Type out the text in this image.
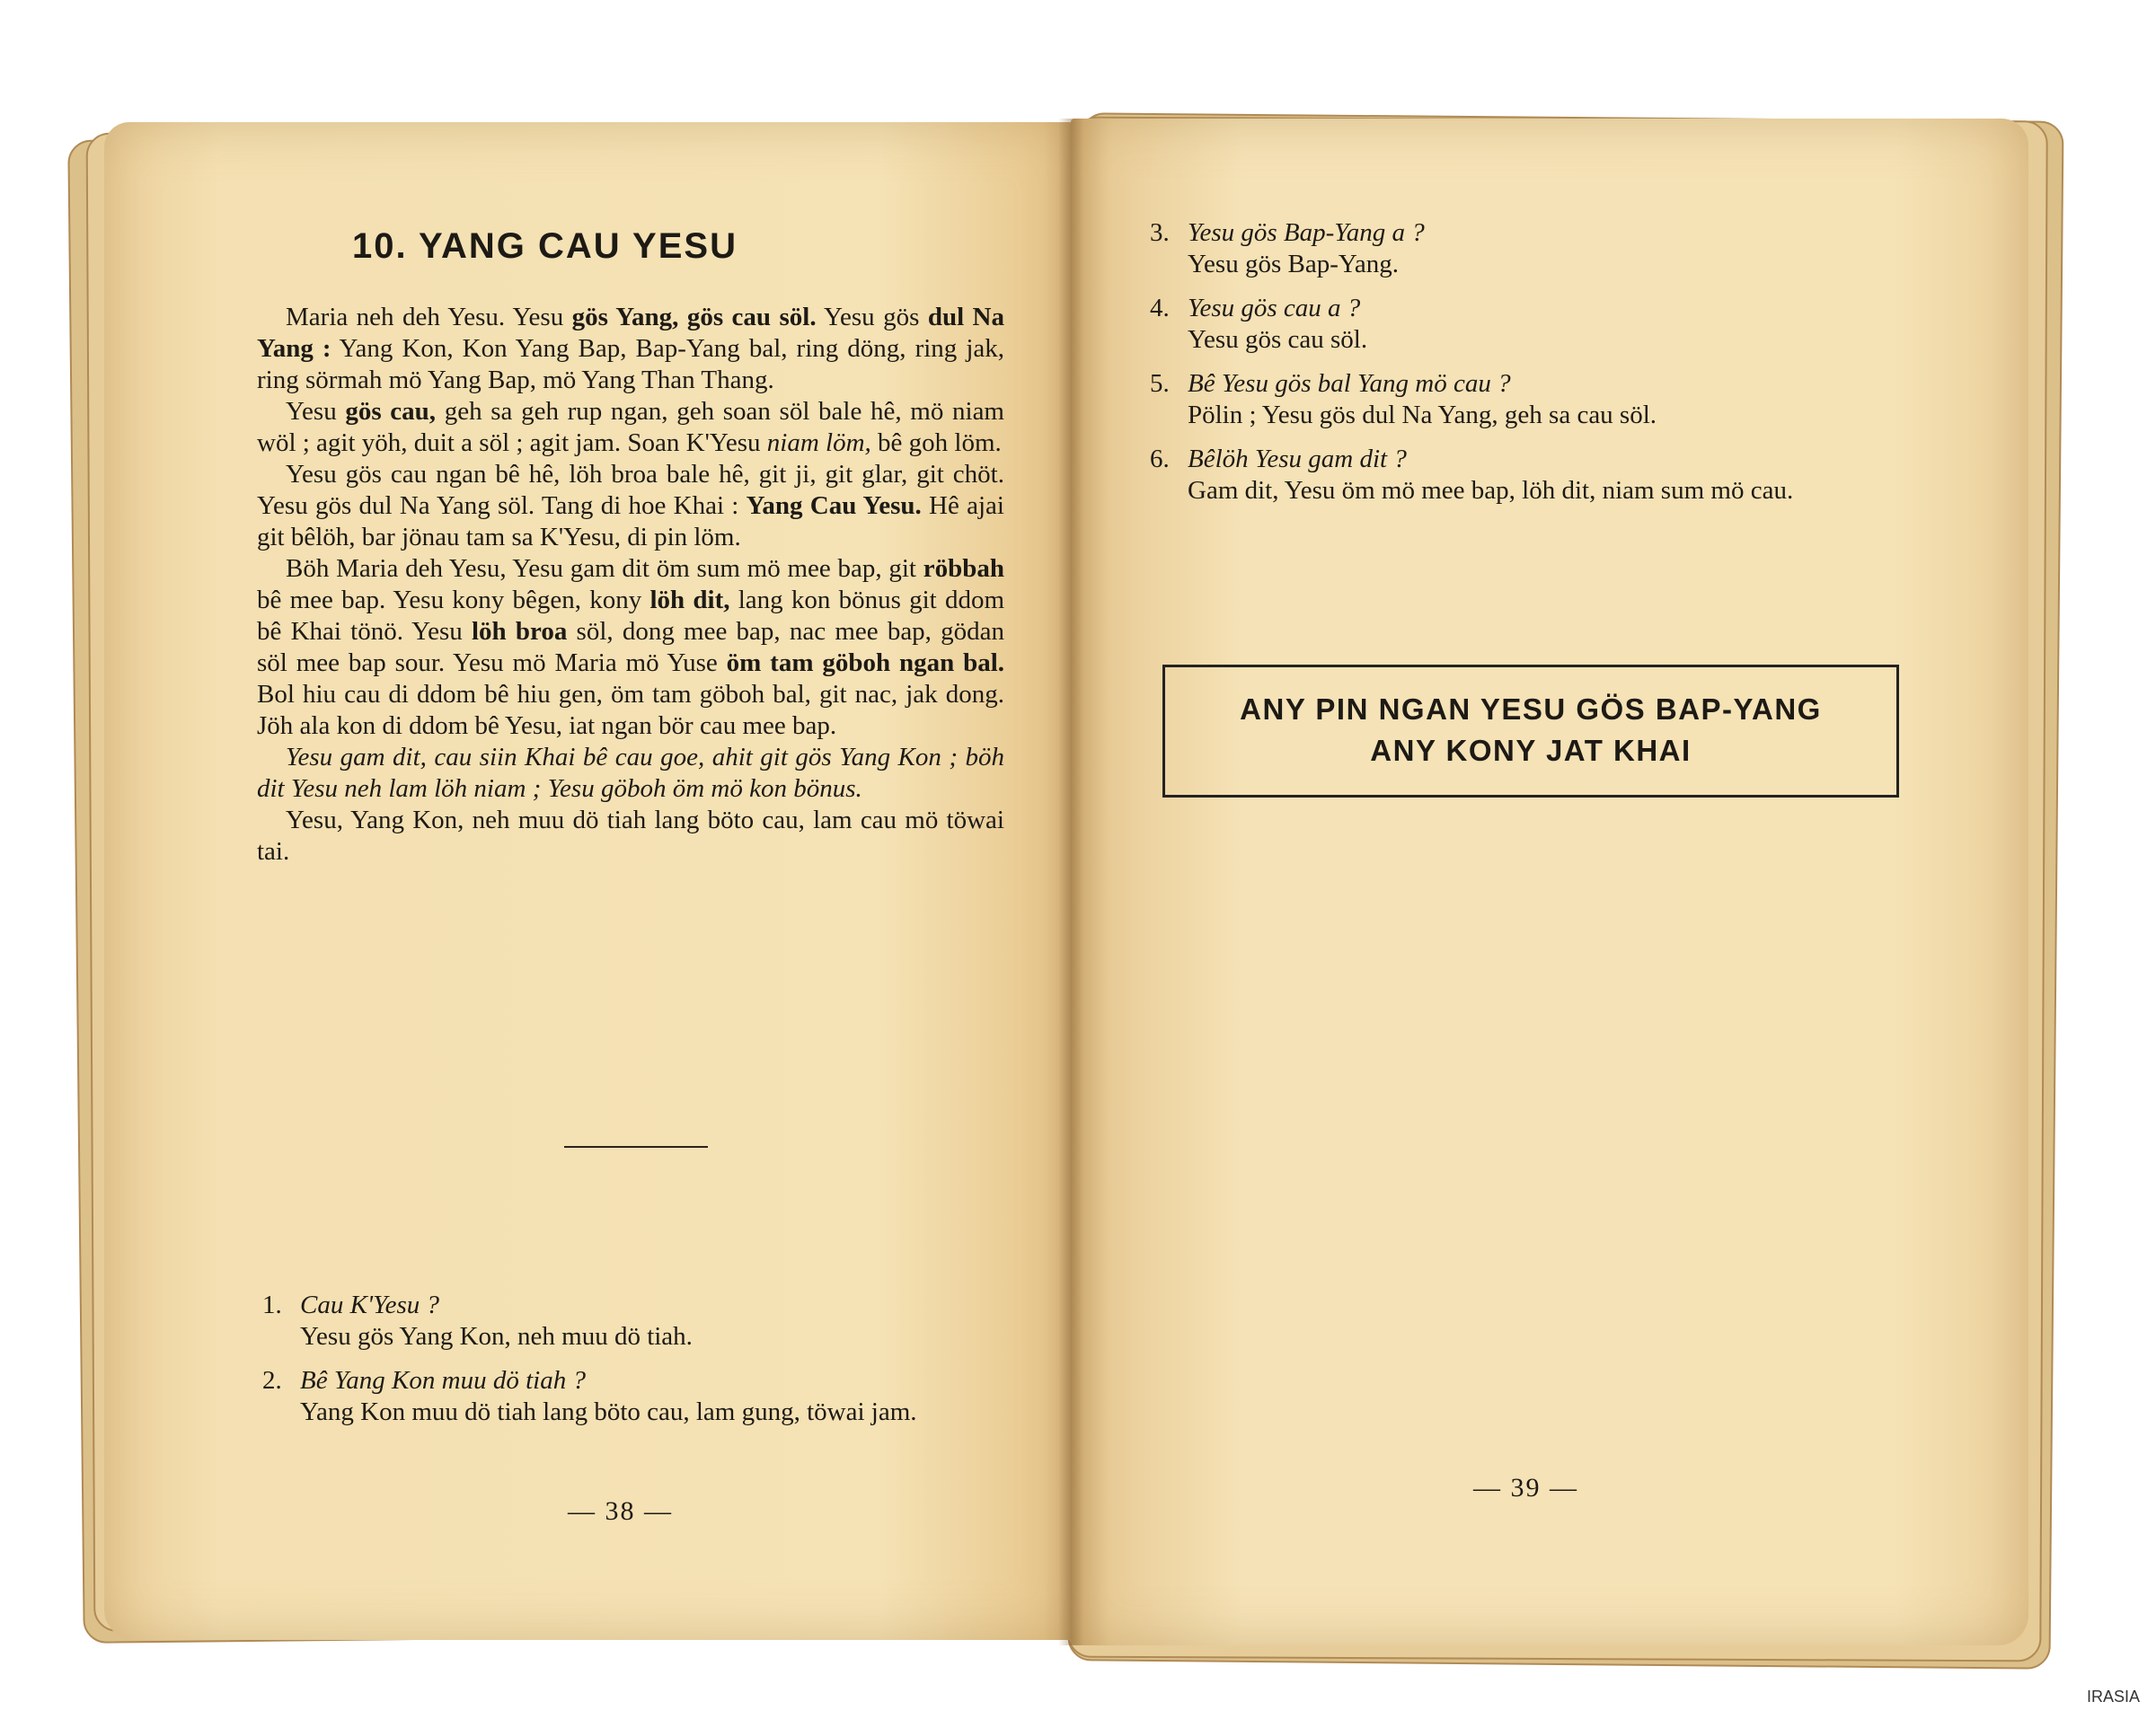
10. YANG CAU YESU

Maria neh deh Yesu. Yesu gös Yang, gös cau söl. Yesu gös dul Na Yang : Yang Kon, Kon Yang Bap, Bap-Yang bal, ring döng, ring jak, ring sörmah mö Yang Bap, mö Yang Than Thang.

Yesu gös cau, geh sa geh rup ngan, geh soan söl bale hê, mö niam wöl ; agit yöh, duit a söl ; agit jam. Soan K'Yesu niam löm, bê goh löm.

Yesu gös cau ngan bê hê, löh broa bale hê, git ji, git glar, git chöt. Yesu gös dul Na Yang söl. Tang di hoe Khai : Yang Cau Yesu. Hê ajai git bêlöh, bar jönau tam sa K'Yesu, di pin löm.

Böh Maria deh Yesu, Yesu gam dit öm sum mö mee bap, git röbbah bê mee bap. Yesu kony bêgen, kony löh dit, lang kon bönus git ddom bê Khai tönö. Yesu löh broa söl, dong mee bap, nac mee bap, gödan söl mee bap sour. Yesu mö Maria mö Yuse öm tam göboh ngan bal. Bol hiu cau di ddom bê hiu gen, öm tam göboh bal, git nac, jak dong. Jöh ala kon di ddom bê Yesu, iat ngan bör cau mee bap.

Yesu gam dit, cau siin Khai bê cau goe, ahit git gös Yang Kon ; böh dit Yesu neh lam löh niam ; Yesu göboh öm mö kon bönus.

Yesu, Yang Kon, neh muu dö tiah lang böto cau, lam cau mö töwai tai.

1. Cau K'Yesu ?
Yesu gös Yang Kon, neh muu dö tiah.
2. Bê Yang Kon muu dö tiah ?
Yang Kon muu dö tiah lang böto cau, lam gung, töwai jam.
— 38 —
3. Yesu gös Bap-Yang a ?
Yesu gös Bap-Yang.
4. Yesu gös cau a ?
Yesu gös cau söl.
5. Bê Yesu gös bal Yang mö cau ?
Pölin ; Yesu gös dul Na Yang, geh sa cau söl.
6. Bêlöh Yesu gam dit ?
Gam dit, Yesu öm mö mee bap, löh dit, niam sum mö cau.
ANY PIN NGAN YESU GÖS BAP-YANG
ANY KONY JAT KHAI
— 39 —
IRASIA
